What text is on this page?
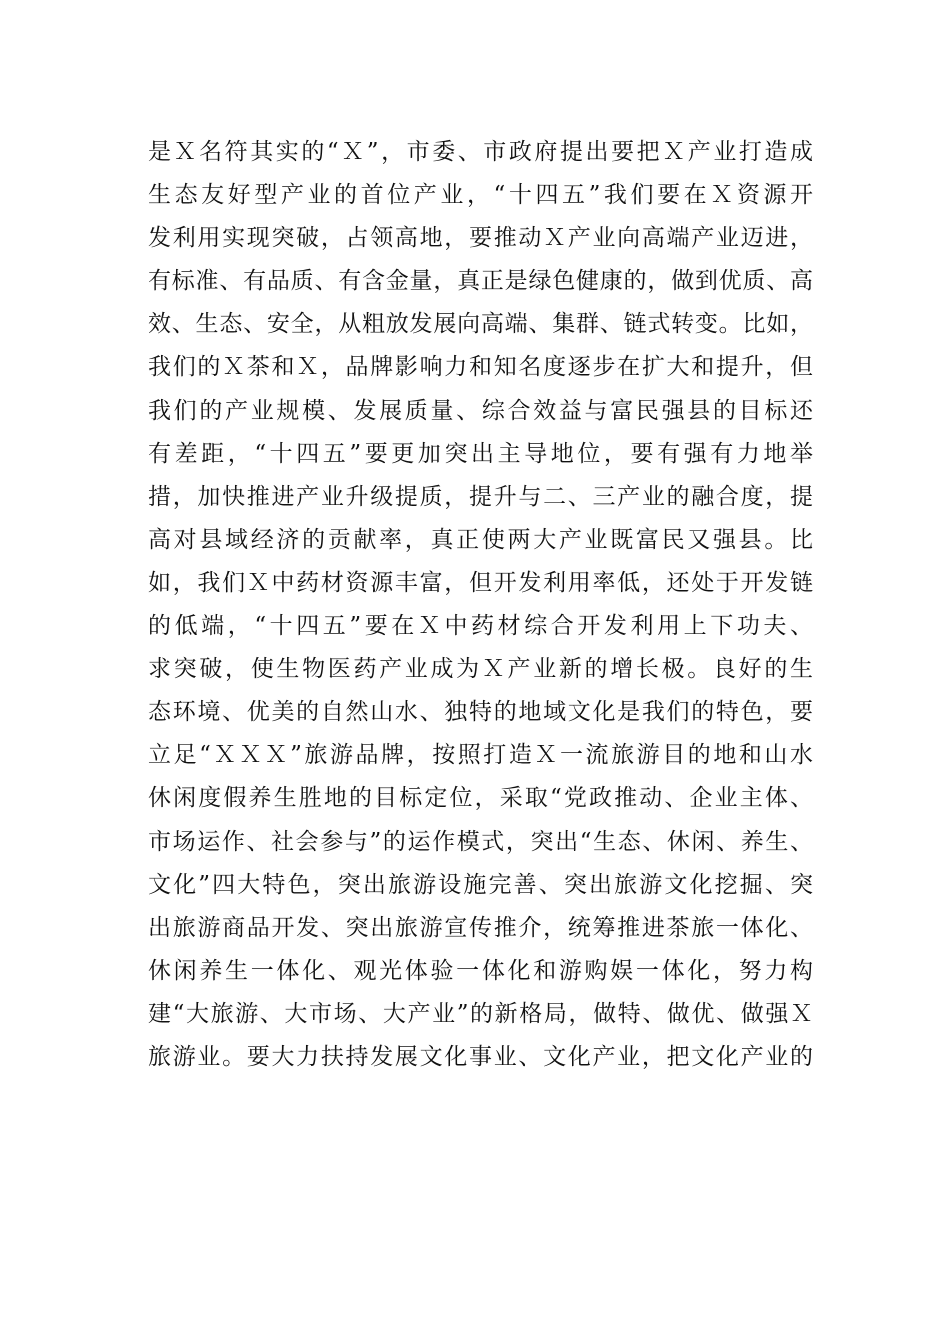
是Ｘ名符其实的“Ｘ”，市委、市政府提出要把Ｘ产业打造成
生态友好型产业的首位产业，“十四五”我们要在Ｘ资源开
发利用实现突破，占领高地，要推动Ｘ产业向高端产业迈进，
有标准、有品质、有含金量，真正是绿色健康的，做到优质、高
效、生态、安全，从粗放发展向高端、集群、链式转变。比如，
我们的Ｘ茶和Ｘ，品牌影响力和知名度逐步在扩大和提升，但
我们的产业规模、发展质量、综合效益与富民强县的目标还
有差距，“十四五”要更加突出主导地位，要有强有力地举
措，加快推进产业升级提质，提升与二、三产业的融合度，提
高对县域经济的贡献率，真正使两大产业既富民又强县。比
如，我们Ｘ中药材资源丰富，但开发利用率低，还处于开发链
的低端，“十四五”要在Ｘ中药材综合开发利用上下功夫、
求突破，使生物医药产业成为Ｘ产业新的增长极。良好的生
态环境、优美的自然山水、独特的地域文化是我们的特色，要
立足“ＸＸＸ”旅游品牌，按照打造Ｘ一流旅游目的地和山水
休闲度假养生胜地的目标定位，采取“党政推动、企业主体、
市场运作、社会参与”的运作模式，突出“生态、休闲、养生、
文化”四大特色，突出旅游设施完善、突出旅游文化挖掘、突
出旅游商品开发、突出旅游宣传推介，统筹推进茶旅一体化、
休闲养生一体化、观光体验一体化和游购娱一体化，努力构
建“大旅游、大市场、大产业”的新格局，做特、做优、做强Ｘ
旅游业。要大力扶持发展文化事业、文化产业，把文化产业的
